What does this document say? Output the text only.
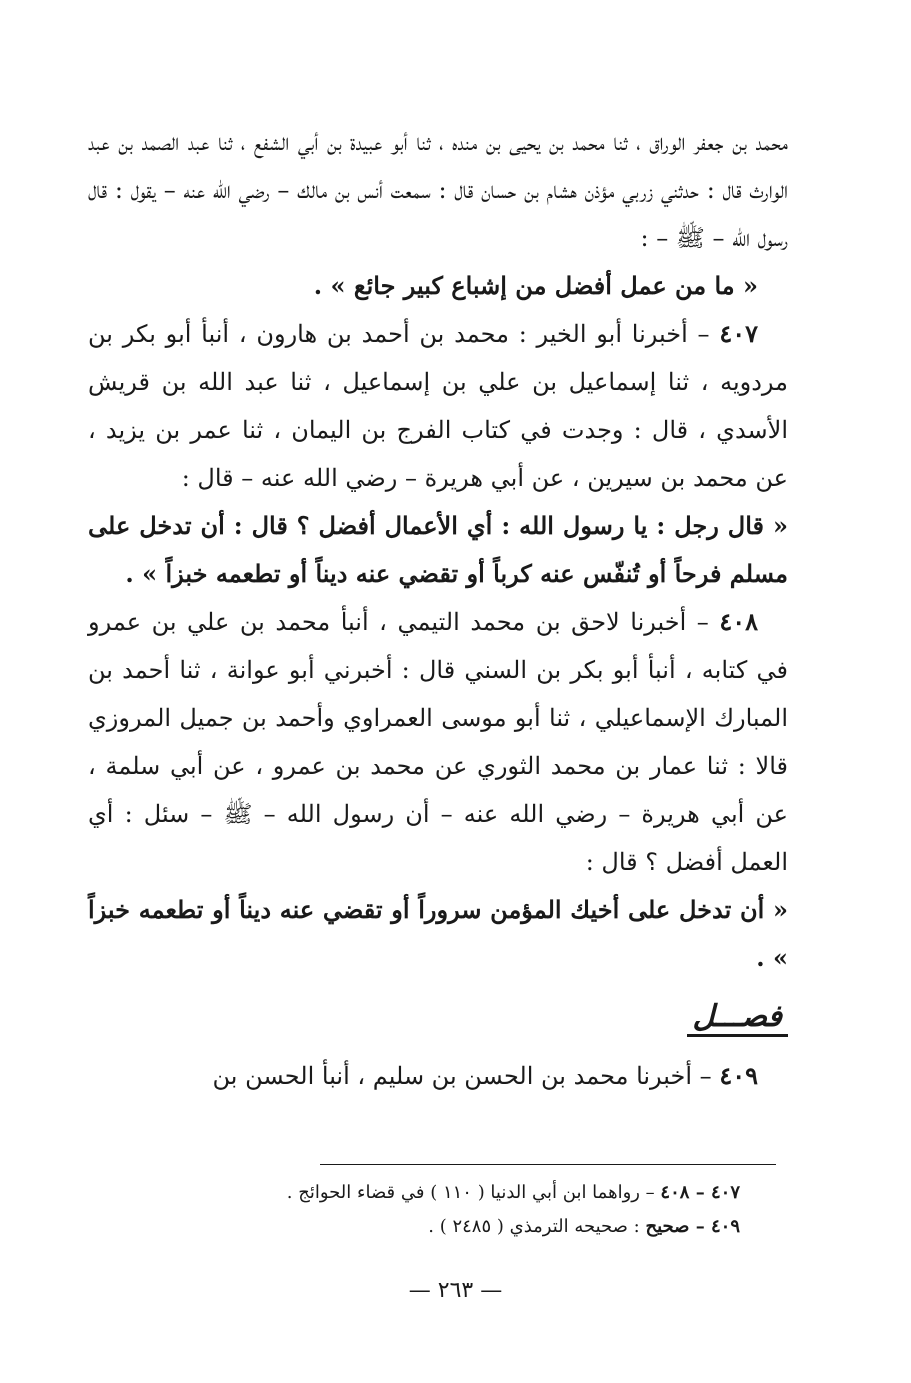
محمد بن جعفر الوراق ، ثنا محمد بن يحيى بن منده ، ثنا أبو عبيدة بن أبي الشفع ، ثنا عبد الصمد بن عبد الوارث قال : حدثني زربي مؤذن هشام بن حسان قال : سمعت أنس بن مالك – رضي الله عنه – يقول : قال رسول الله – ﷺ – :

« ما من عمل أفضل من إشباع كبير جائع » .

٤٠٧ – أخبرنا أبو الخير : محمد بن أحمد بن هارون ، أنبأ أبو بكر بن مردويه ، ثنا إسماعيل بن علي بن إسماعيل ، ثنا عبد الله بن قريش الأسدي ، قال : وجدت في كتاب الفرج بن اليمان ، ثنا عمر بن يزيد ، عن محمد بن سيرين ، عن أبي هريرة – رضي الله عنه – قال :

« قال رجل : يا رسول الله : أي الأعمال أفضل ؟ قال : أن تدخل على مسلم فرحاً أو تُنفّس عنه كرباً أو تقضي عنه ديناً أو تطعمه خبزاً » .

٤٠٨ – أخبرنا لاحق بن محمد التيمي ، أنبأ محمد بن علي بن عمرو في كتابه ، أنبأ أبو بكر بن السني قال : أخبرني أبو عوانة ، ثنا أحمد بن المبارك الإسماعيلي ، ثنا أبو موسى العمراوي وأحمد بن جميل المروزي قالا : ثنا عمار بن محمد الثوري عن محمد بن عمرو ، عن أبي سلمة ، عن أبي هريرة – رضي الله عنه – أن رسول الله – ﷺ – سئل : أي العمل أفضل ؟ قال :

« أن تدخل على أخيك المؤمن سروراً أو تقضي عنه ديناً أو تطعمه خبزاً » .

فصـــل

٤٠٩ – أخبرنا محمد بن الحسن بن سليم ، أنبأ الحسن بن

٤٠٧ – ٤٠٨ – رواهما ابن أبي الدنيا ( ١١٠ ) في قضاء الحوائج .

٤٠٩ – صحيح : صحيحه الترمذي ( ٢٤٨٥ ) .

— ٢٦٣ —
